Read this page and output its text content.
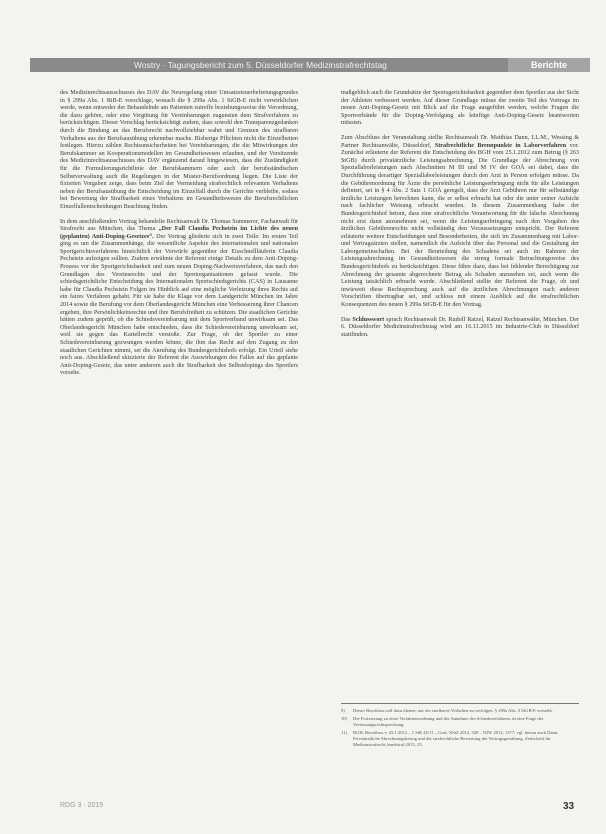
Wostry · Tagungsbericht zum 5. Düsseldorfer Medizinstrafrechtstag	Berichte

des Medizinrechtsausschusses des DAV die Neuregelung einer Umsatzsteuerbefreiungsgrundes in § 299a Abs. 1 RiB-E vorschlage, wonach die § 299a Abs. 1 StGB-E nicht verwirklichen werde, wenn entweder der Behandelnde am Patienten zutreffe beziehungsweise die Verordnung, die dazu gehöre, oder eine Vergütung für Vereinbarungen zugunsten dem Strafverfahren zu berücksichtigen. Dieser Vorschlag berücksichtigt zudem, dass sowohl den Transparenzgedanken durch die Bindung an das Berufsrecht nachvollziehbar wahrt und Grenzen des strafbaren Verhaltens aus der Berufsausübung erkennbar mache. Bisherige Pflichten nicht die Einzelheiten festlegen. Hierzu zählen Rechtsunsicherheiten bei Vereinbarungen, die die Mitwirkungen der Berufskammer an Kooperationsmodellen im Gesundheitswesen erlauben, und der Vorsitzende des Medizinrechtsausschusses des DAV ergänzend darauf hingewiesen, dass die Zuständigkeit für die Formulierungsrichtlinie der Berufskammern oder auch der berufsständischen Selbstverwaltung auch die Regelungen in der Muster-Berufsordnung liegen. Die Liste der fixierten Vorgaben zeige, dass beim Ziel der Vermeidung strafrechtlich relevanten Verhaltens neben der Berufsausübung die Entscheidung im Einzelfall durch die Gerichte verbleibe, sodass bei Bewertung der Strafbarkeit eines Verhaltens im Gesundheitswesen die Berufsrechtlichen Einzelfallentscheidungen Beachtung finden.

In dem anschließenden Vortrag behandelte Rechtsanwalt Dr. Thomas Summerer, Fachanwalt für Strafrecht aus München, das Thema „Der Fall Claudia Pechstein im Lichte des neuen (geplanten) Anti-Doping-Gesetzes“. Der Vortrag gliederte sich in zwei Teile: Im ersten Teil ging es um die Zusammenhänge, die wesentliche Aspekte des internationalen und nationalen Sportgerichtsverfahrens hinsichtlich der Vorwürfe gegenüber der Eisschnellläuferin Claudia Pechstein aufzeigen sollten. Zudem erwähnte der Referent einige Details zu dem Anti-Doping-Prozess vor der Sportgerichtsbarkeit und zum neuen Doping-Nachweisverfahren, das nach den Grundlagen des Vereinsrechts und der Sportorganisationen gefasst wurde. Die schiedsgerichtliche Entscheidung des Internationalen Sportschiedsgerichts (CAS) in Lausanne habe für Claudia Pechstein Folgen im Hinblick auf eine mögliche Verletzung ihres Rechts auf ein faires Verfahren gehabt. Für sie habe die Klage vor dem Landgericht München im Jahre 2014 sowie die Berufung vor dem Oberlandesgericht München eine Verbesserung ihrer Chancen ergeben, ihre Persönlichkeitsrechte und ihre Berufsfreiheit zu schützen. Die staatlichen Gerichte hätten zudem geprüft, ob die Schiedsvereinbarung mit dem Sportverband unwirksam sei. Das Oberlandesgericht München habe entschieden, dass die Schiedsvereinbarung unwirksam sei, weil sie gegen das Kartellrecht verstoße. Zur Frage, ob der Sportler zu einer Schiedsvereinbarung gezwungen werden könne, die ihm das Recht auf den Zugang zu den staatlichen Gerichten nimmt, sei die Anrufung des Bundesgerichtshofs erfolgt. Ein Urteil stehe noch aus. Abschließend skizzierte der Referent die Auswirkungen des Falles auf das geplante Anti-Doping-Gesetz, das unter anderem auch die Strafbarkeit des Selbstdopings des Sportlers vorsehe.

maßgeblich auch die Grundsätze der Sportsgerichtsbarkeit gegenüber dem Sportler aus der Sicht der Athleten verbessert werden. Auf dieser Grundlage müsse der zweite Teil des Vortrags im neuen Anti-Doping-Gesetz mit Blick auf die Frage ausgeführt werden, welche Fragen die Sportverbände für die Doping-Verfolgung als künftige Anti-Doping-Gesetz beantworten müssten.

Zum Abschluss der Veranstaltung stellte Rechtsanwalt Dr. Matthias Dann, LL.M., Wessing & Partner Rechtsanwälte, Düsseldorf, Strafrechtliche Brennpunkte in Laborverfahren vor. Zunächst erläuterte der Referent die Entscheidung des BGH vom 25.1.2012 zum Betrug (§ 263 StGB) durch privatärztliche Leistungsabrechnung. Die Grundlage der Abrechnung von Speziallaborleistungen nach Abschnitten M III und M IV der GOÄ sei dabei, dass die Durchführung derartiger Speziallaborleistungen durch den Arzt in Person erfolgen müsse. Da die Gebührenordnung für Ärzte die persönliche Leistungserbringung nicht für alle Leistungen definiert, sei in § 4 Abs. 2 Satz 1 GOÄ geregelt, dass der Arzt Gebühren nur für selbständige ärztliche Leistungen berechnen kann, die er selbst erbracht hat oder die unter seiner Aufsicht nach fachlicher Weisung erbracht wurden. In diesem Zusammenhang habe der Bundesgerichtshof betont, dass eine strafrechtliche Verantwortung für die falsche Abrechnung nicht erst dann anzunehmen sei, wenn die Leistungserbringung nach den Vorgaben des ärztlichen Gebührenrechts nicht vollständig den Voraussetzungen entspricht. Der Referent erläuterte weitere Entscheidungen und Besonderheiten, die sich im Zusammenhang mit Labor- und Vertragsärzten stellen, namentlich die Aufsicht über das Personal und die Gestaltung der Laborgemeinschaften. Bei der Beurteilung des Schadens sei auch im Rahmen der Leistungsabrechnung im Gesundheitswesen die streng formale Betrachtungsweise des Bundesgerichtshofs zu berücksichtigen. Diese führe dazu, dass bei fehlender Berechtigung zur Abrechnung der gesamte abgerechnete Betrag als Schaden anzusehen sei, auch wenn die Leistung tatsächlich erbracht wurde. Abschließend stellte der Referent die Frage, ob und inwieweit diese Rechtsprechung auch auf die ärztlichen Abrechnungen nach anderen Vorschriften übertragbar sei, und schloss mit einem Ausblick auf die strafrechtlichen Konsequenzen des neuen § 299a StGB-E für den Vortrag.

Das Schlusswort sprach Rechtsanwalt Dr. Rudolf Ratzel, Ratzel Rechtsanwälte, München. Der 6. Düsseldorfer Medizinstrafrechtstag wird am 16.11.2015 im Industrie-Club in Düsseldorf stattfinden.

9)	Dieser Beschluss soll dazu dienen, nur ein strafbares Verhalten zu verfolgen, § 299a Abs. 3 StGB-E vorsieht.
10)	Die Fortsetzung zu einer Verfahrensordnung und der Annahme des Schiedsverfahrens ist eine Frage der Verfassungsrechtsprechung.
11)	BGH, Beschluss v. 25.1.2012 – 1 StR 45/11 – Graf, NStZ 2012, 529 – NJW 2012, 1377; vgl. hierzu auch Dann, Privatärztliche Abrechnungsbetrug und die strafrechtliche Bewertung der Vertragsgestaltung, Zeitschrift für Medizinstrafrecht (medstra) 2015, 25.
RDG 3 · 2015	33
